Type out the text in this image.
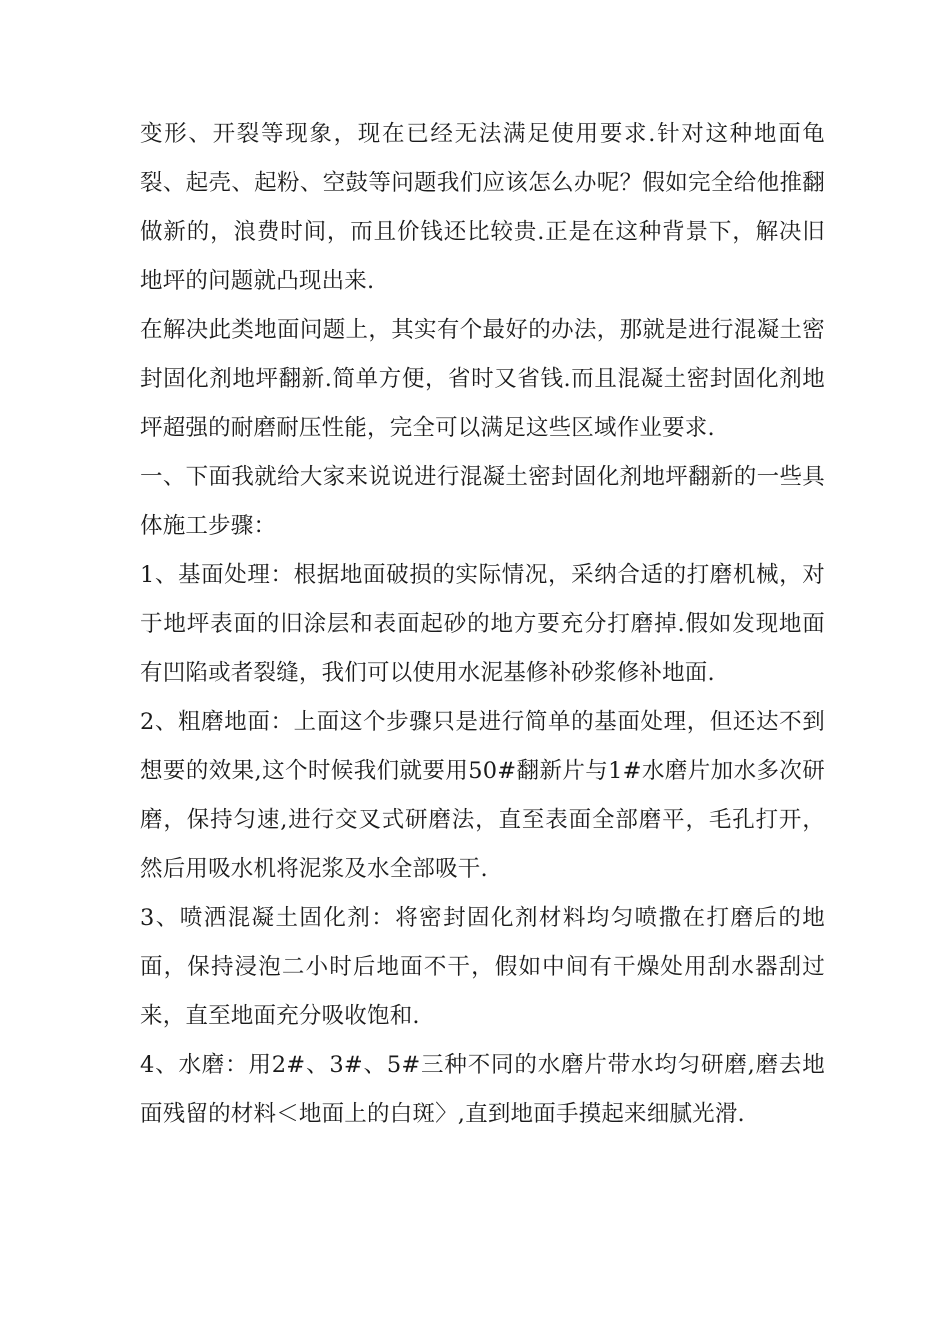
变形、开裂等现象，现在已经无法满足使用要求.针对这种地面龟裂、起壳、起粉、空鼓等问题我们应该怎么办呢？假如完全给他推翻做新的，浪费时间，而且价钱还比较贵.正是在这种背景下，解决旧地坪的问题就凸现出来.

在解决此类地面问题上，其实有个最好的办法，那就是进行混凝土密封固化剂地坪翻新.简单方便，省时又省钱.而且混凝土密封固化剂地坪超强的耐磨耐压性能，完全可以满足这些区域作业要求.

一、下面我就给大家来说说进行混凝土密封固化剂地坪翻新的一些具体施工步骤：

1、基面处理：根据地面破损的实际情况，采纳合适的打磨机械，对于地坪表面的旧涂层和表面起砂的地方要充分打磨掉.假如发现地面有凹陷或者裂缝，我们可以使用水泥基修补砂浆修补地面.

2、粗磨地面：上面这个步骤只是进行简单的基面处理，但还达不到想要的效果,这个时候我们就要用50#翻新片与1#水磨片加水多次研磨，保持匀速,进行交叉式研磨法，直至表面全部磨平，毛孔打开，然后用吸水机将泥浆及水全部吸干.

3、喷洒混凝土固化剂：将密封固化剂材料均匀喷撒在打磨后的地面，保持浸泡二小时后地面不干，假如中间有干燥处用刮水器刮过来，直至地面充分吸收饱和.

4、水磨：用2#、3#、5#三种不同的水磨片带水均匀研磨,磨去地面残留的材料＜地面上的白斑〉,直到地面手摸起来细腻光滑.
